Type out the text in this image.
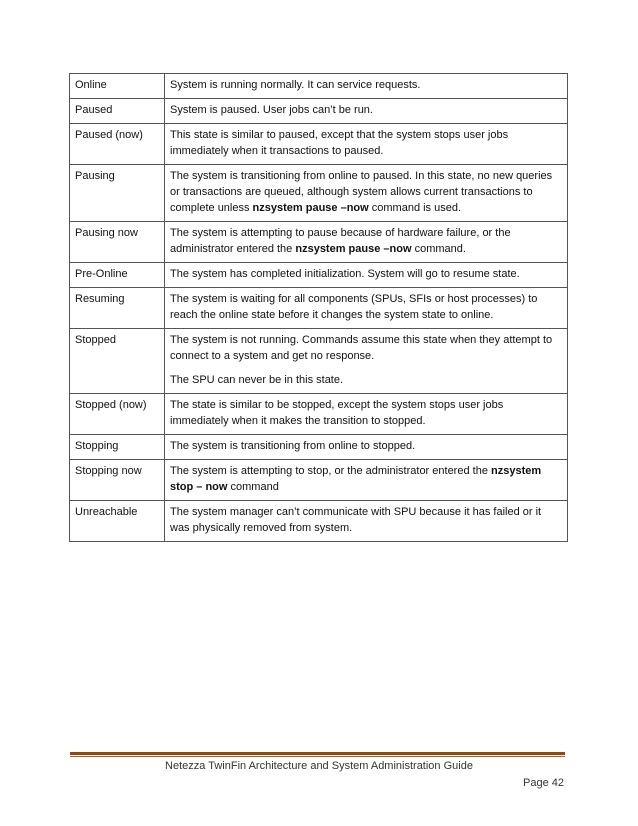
Online	System is running normally. It can service requests.

Paused	System is paused. User jobs can’t be run.

Paused (now)	This state is similar to paused, except that the system stops user jobs immediately when it transactions to paused.

Pausing	The system is transitioning from online to paused. In this state, no new queries or transactions are queued, although system allows current transactions to complete unless nzsystem pause –now command is used.

Pausing now	The system is attempting to pause because of hardware failure, or the administrator entered the nzsystem pause –now command.

Pre-Online	The system has completed initialization. System will go to resume state.

Resuming	The system is waiting for all components (SPUs, SFIs or host processes) to reach the online state before it changes the system state to online.

Stopped	The system is not running. Commands assume this state when they attempt to connect to a system and get no response.

The SPU can never be in this state.

Stopped (now)	The state is similar to be stopped, except the system stops user jobs immediately when it makes the transition to stopped.

Stopping	The system is transitioning from online to stopped.

Stopping now	The system is attempting to stop, or the administrator entered the nzsystem stop – now command

Unreachable	The system manager can’t communicate with SPU because it has failed or it was physically removed from system.

Netezza TwinFin Architecture and System Administration Guide
Page 42
